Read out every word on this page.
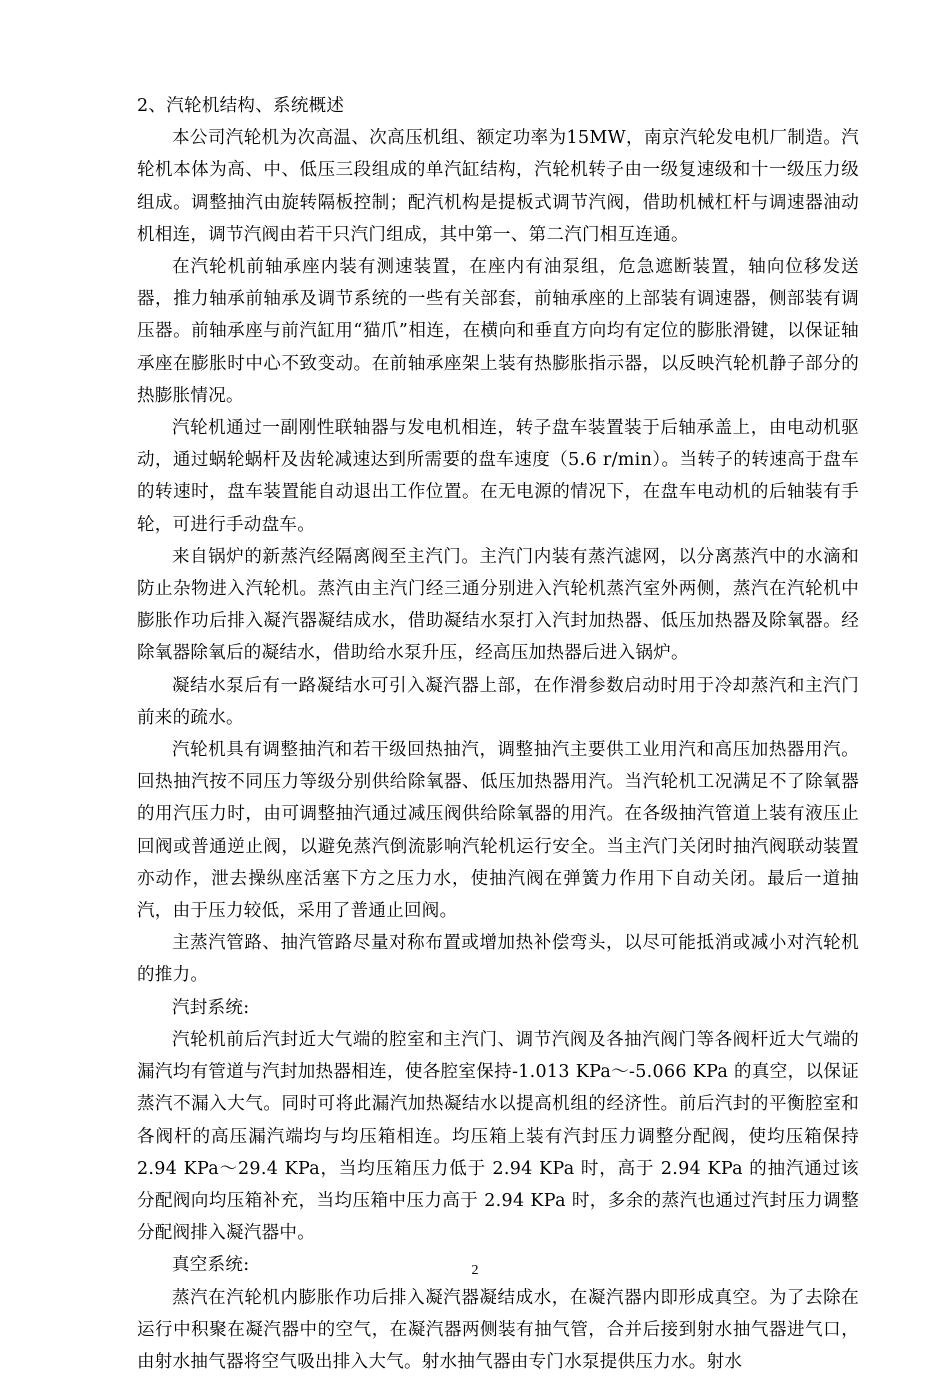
2、汽轮机结构、系统概述

本公司汽轮机为次高温、次高压机组、额定功率为15MW，南京汽轮发电机厂制造。汽轮机本体为高、中、低压三段组成的单汽缸结构，汽轮机转子由一级复速级和十一级压力级组成。调整抽汽由旋转隔板控制；配汽机构是提板式调节汽阀，借助机械杠杆与调速器油动机相连，调节汽阀由若干只汽门组成，其中第一、第二汽门相互连通。

在汽轮机前轴承座内装有测速装置，在座内有油泵组，危急遮断装置，轴向位移发送器，推力轴承前轴承及调节系统的一些有关部套，前轴承座的上部装有调速器，侧部装有调压器。前轴承座与前汽缸用“猫爪”相连，在横向和垂直方向均有定位的膨胀滑键，以保证轴承座在膨胀时中心不致变动。在前轴承座架上装有热膨胀指示器，以反映汽轮机静子部分的热膨胀情况。

汽轮机通过一副刚性联轴器与发电机相连，转子盘车装置装于后轴承盖上，由电动机驱动，通过蜗轮蜗杆及齿轮减速达到所需要的盘车速度（5.6 r/min）。当转子的转速高于盘车的转速时，盘车装置能自动退出工作位置。在无电源的情况下，在盘车电动机的后轴装有手轮，可进行手动盘车。

来自锅炉的新蒸汽经隔离阀至主汽门。主汽门内装有蒸汽滤网，以分离蒸汽中的水滴和防止杂物进入汽轮机。蒸汽由主汽门经三通分别进入汽轮机蒸汽室外两侧，蒸汽在汽轮机中膨胀作功后排入凝汽器凝结成水，借助凝结水泵打入汽封加热器、低压加热器及除氧器。经除氧器除氧后的凝结水，借助给水泵升压，经高压加热器后进入锅炉。

凝结水泵后有一路凝结水可引入凝汽器上部，在作滑参数启动时用于冷却蒸汽和主汽门前来的疏水。

汽轮机具有调整抽汽和若干级回热抽汽，调整抽汽主要供工业用汽和高压加热器用汽。回热抽汽按不同压力等级分别供给除氧器、低压加热器用汽。当汽轮机工况满足不了除氧器的用汽压力时，由可调整抽汽通过减压阀供给除氧器的用汽。在各级抽汽管道上装有液压止回阀或普通逆止阀，以避免蒸汽倒流影响汽轮机运行安全。当主汽门关闭时抽汽阀联动装置亦动作，泄去操纵座活塞下方之压力水，使抽汽阀在弹簧力作用下自动关闭。最后一道抽汽，由于压力较低，采用了普通止回阀。

主蒸汽管路、抽汽管路尽量对称布置或增加热补偿弯头，以尽可能抵消或减小对汽轮机的推力。

汽封系统:

汽轮机前后汽封近大气端的腔室和主汽门、调节汽阀及各抽汽阀门等各阀杆近大气端的漏汽均有管道与汽封加热器相连，使各腔室保持-1.013 KPa～-5.066 KPa 的真空，以保证蒸汽不漏入大气。同时可将此漏汽加热凝结水以提高机组的经济性。前后汽封的平衡腔室和各阀杆的高压漏汽端均与均压箱相连。均压箱上装有汽封压力调整分配阀，使均压箱保持 2.94 KPa～29.4 KPa，当均压箱压力低于 2.94 KPa 时，高于 2.94 KPa 的抽汽通过该分配阀向均压箱补充，当均压箱中压力高于 2.94 KPa 时，多余的蒸汽也通过汽封压力调整分配阀排入凝汽器中。

真空系统:

蒸汽在汽轮机内膨胀作功后排入凝汽器凝结成水，在凝汽器内即形成真空。为了去除在运行中积聚在凝汽器中的空气，在凝汽器两侧装有抽气管，合并后接到射水抽气器进气口，由射水抽气器将空气吸出排入大气。射水抽气器由专门水泵提供压力水。射水

2
